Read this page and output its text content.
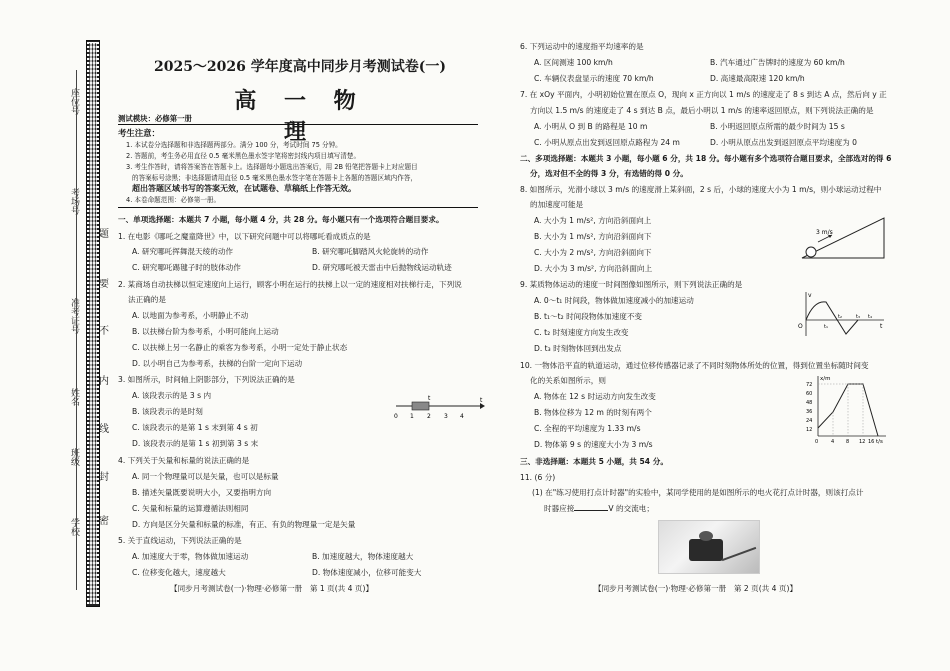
座位号
考场号
准考证号
姓名
班级
学校
题
要
不
内
线
封
密
2025～2026 学年度高中同步月考测试卷(一)
高 一 物 理
测试模块：必修第一册
考生注意：
1. 本试卷分选择题和非选择题两部分。满分 100 分，考试时间 75 分钟。
2. 答题前，考生务必用直径 0.5 毫米黑色墨水签字笔将密封线内项目填写清楚。
3. 考生作答时，请将答案答在答题卡上。选择题每小题选出答案后，用 2B 铅笔把答题卡上对应题目
的答案标号涂黑；非选择题请用直径 0.5 毫米黑色墨水签字笔在答题卡上各题的答题区域内作答，
超出答题区域书写的答案无效，在试题卷、草稿纸上作答无效。
4. 本卷命题范围：必修第一册。
一、单项选择题：本题共 7 小题，每小题 4 分，共 28 分。每小题只有一个选项符合题目要求。
1. 在电影《哪吒之魔童降世》中，以下研究问题中可以将哪吒看成质点的是
A. 研究哪吒挥舞混天绫的动作	B. 研究哪吒脚踏风火轮旋转的动作
C. 研究哪吒踢毽子时的肢体动作	D. 研究哪吒被天雷击中后抛物线运动轨迹
2. 某商场自动扶梯以恒定速度向上运行，顾客小明在运行的扶梯上以一定的速度相对扶梯行走，下列说
法正确的是
A. 以地面为参考系，小明静止不动
B. 以扶梯台阶为参考系，小明可能向上运动
C. 以扶梯上另一名静止的乘客为参考系，小明一定处于静止状态
D. 以小明自己为参考系，扶梯的台阶一定向下运动
3. 如图所示，时间轴上阴影部分，下列说法正确的是
A. 该段表示的是 3 s 内
B. 该段表示的是时刻
C. 该段表示的是第 1 s 末到第 4 s 初
D. 该段表示的是第 1 s 初到第 3 s 末
t
0 1 2 3 4
t
4. 下列关于矢量和标量的说法正确的是
A. 同一个物理量可以是矢量，也可以是标量
B. 描述矢量既要说明大小，又要指明方向
C. 矢量和标量的运算遵循法则相同
D. 方向是区分矢量和标量的标准，有正、有负的物理量一定是矢量
5. 关于直线运动，下列说法正确的是
A. 加速度大于零，物体做加速运动	B. 加速度越大，物体速度越大
C. 位移变化越大，速度越大	D. 物体速度减小，位移可能变大
【同步月考测试卷(一)·物理·必修第一册　第 1 页(共 4 页)】
6. 下列运动中的速度指平均速率的是
A. 区间测速 100 km/h	B. 汽车通过广告牌时的速度为 60 km/h
C. 车辆仪表盘显示的速度 70 km/h	D. 高速最高限速 120 km/h
7. 在 xOy 平面内，小明初始位置在原点 O，现向 x 正方向以 1 m/s 的速度走了 8 s 到达 A 点，然后向 y 正
方向以 1.5 m/s 的速度走了 4 s 到达 B 点，最后小明以 1 m/s 的速率返回原点，则下列说法正确的是
A. 小明从 O 到 B 的路程是 10 m	B. 小明返回原点所需的最少时间为 15 s
C. 小明从原点出发到返回原点路程为 24 m	D. 小明从原点出发到返回原点平均速度为 0
二、多项选择题：本题共 3 小题，每小题 6 分，共 18 分。每小题有多个选项符合题目要求，全部选对的得 6
分，选对但不全的得 3 分，有选错的得 0 分。
8. 如图所示，光滑小球以 3 m/s 的速度滑上某斜面，2 s 后，小球的速度大小为 1 m/s，则小球运动过程中
的加速度可能是
A. 大小为 1 m/s², 方向沿斜面向上
B. 大小为 1 m/s², 方向沿斜面向下
C. 大小为 2 m/s², 方向沿斜面向下
D. 大小为 3 m/s², 方向沿斜面向上
3 m/s
9. 某质物体运动的速度一时间图像如图所示，则下列说法正确的是
A. 0～t₁ 时间段，物体做加速度减小的加速运动
B. t₁～t₂ 时间段物体加速度不变
C. t₂ 时刻速度方向发生改变
D. t₃ 时刻物体回到出发点
v
O	t
t₁
t₂	t₃ t₄
10. 一物体沿平直的轨道运动，通过位移传感器记录了不同时刻物体所处的位置，得到位置坐标随时间变
化的关系如图所示，则
A. 物体在 12 s 时运动方向发生改变
B. 物体位移为 12 m 的时刻有两个
C. 全程的平均速度为 1.33 m/s
D. 物体第 9 s 的速度大小为 3 m/s
x/m
t/s
72
60
48
36
24
12
0	4 8 12 16
三、非选择题：本题共 5 小题，共 54 分。
11. (6 分)
(1) 在"练习使用打点计时器"的实验中，某同学使用的是如图所示的电火花打点计时器，则该打点计
时器应接	V 的交流电；
【同步月考测试卷(一)·物理·必修第一册　第 2 页(共 4 页)】
